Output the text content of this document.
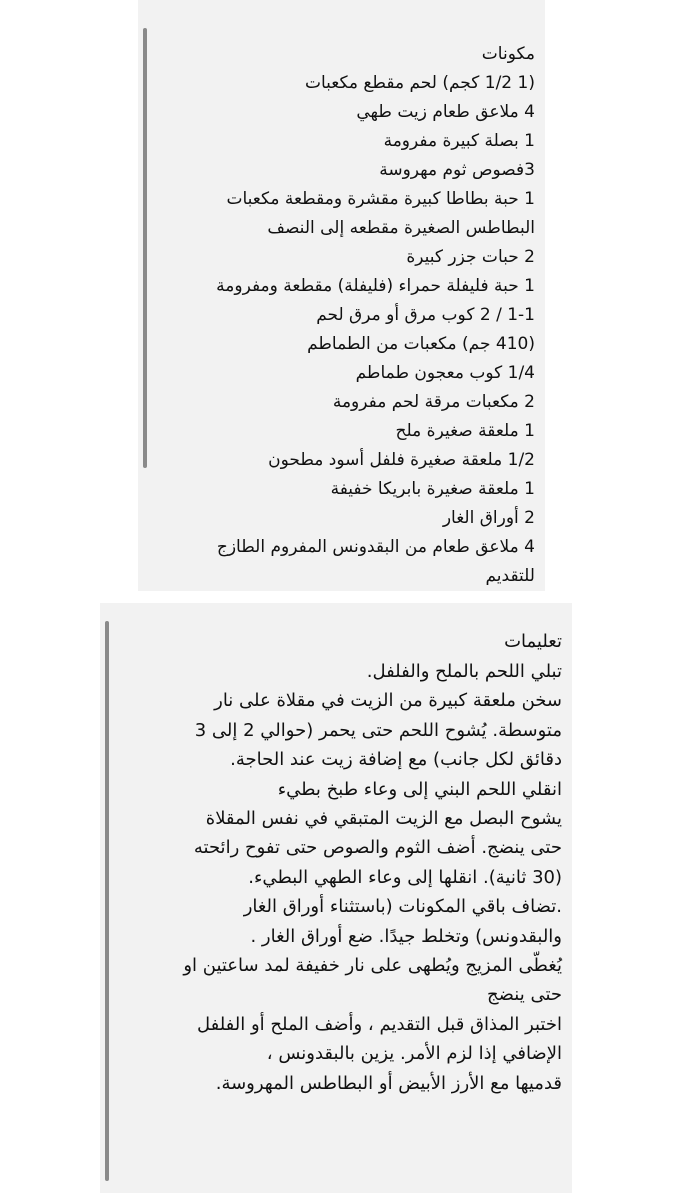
مكونات

(1 1/2 كجم) لحم مقطع مكعبات

4 ملاعق طعام زيت طهي

1 بصلة كبيرة مفرومة

3فصوص ثوم مهروسة

1 حبة بطاطا كبيرة مقشرة ومقطعة مكعبات

البطاطس الصغيرة مقطعه إلى النصف

2 حبات جزر كبيرة

1 حبة فليفلة حمراء (فليفلة) مقطعة ومفرومة

1-1 / 2 كوب مرق أو مرق لحم

(410 جم) مكعبات من الطماطم

1/4 كوب معجون طماطم

2 مكعبات مرقة لحم مفرومة

1 ملعقة صغيرة ملح

1/2 ملعقة صغيرة فلفل أسود مطحون

1 ملعقة صغيرة بابريكا خفيفة

2 أوراق الغار

4 ملاعق طعام من البقدونس المفروم الطازج

للتقديم

تعليمات

تبلي اللحم بالملح والفلفل.

سخن ملعقة كبيرة من الزيت في مقلاة على نار

متوسطة. يُشوح اللحم حتى يحمر (حوالي 2 إلى 3

دقائق لكل جانب) مع إضافة زيت عند الحاجة.

انقلي اللحم البني إلى وعاء طبخ بطيء

يشوح البصل مع الزيت المتبقي في نفس المقلاة

حتى ينضج. أضف الثوم والصوص حتى تفوح رائحته

(30 ثانية). انقلها إلى وعاء الطهي البطيء.

.تضاف باقي المكونات (باستثناء أوراق الغار

والبقدونس) وتخلط جيدًا. ضع أوراق الغار .

يُغطّى المزيج ويُطهى على نار خفيفة لمد ساعتين او

حتى ينضج

اختبر المذاق قبل التقديم ، وأضف الملح أو الفلفل

الإضافي إذا لزم الأمر. يزين بالبقدونس ،

قدميها مع الأرز الأبيض أو البطاطس المهروسة.
